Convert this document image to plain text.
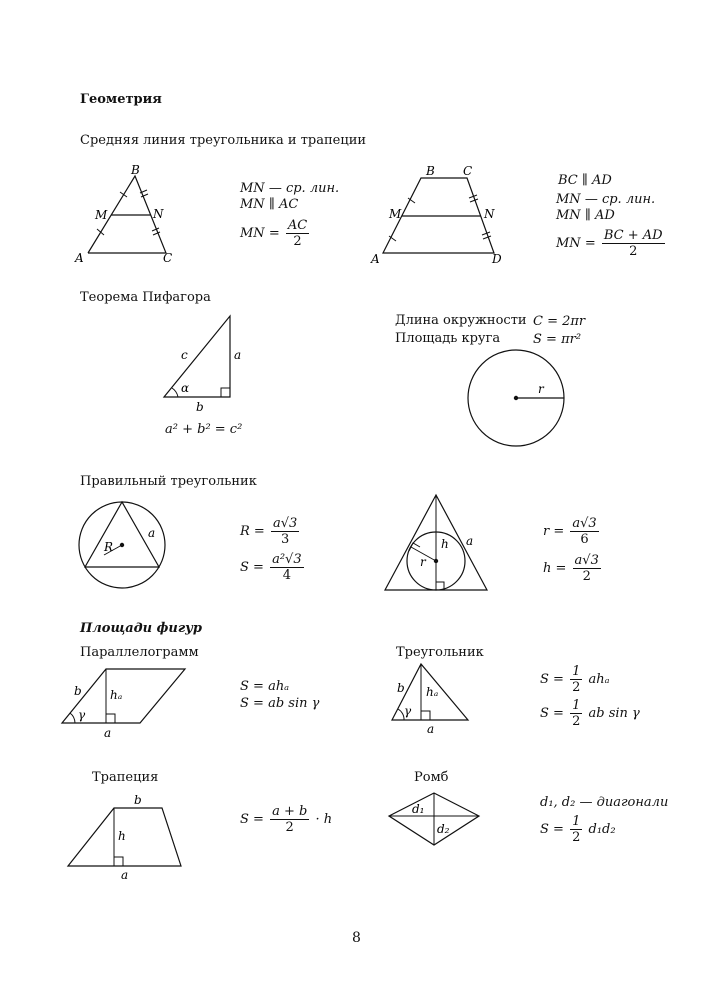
Геометрия
Средняя линия треугольника и трапеции
B
M	N
A	C
B C
M	N
A	D
c	a
b
α	r
R
a
h
r
a
b hₐ
γ
a
b hₐ
γ
a
b
h
a
d₁
d₂
MN — ср. лин.
MN ∥ AC
MN = $\frac{AC}{2}$
BC ∥ AD
MN — ср. лин.
MN ∥ AD
MN = $\frac{BC + AD}{2}$
Теорема Пифагора
a² + b² = c²
Длина окружности C = 2πr
Площадь круга	S = πr²
Правильный треугольник
$R = \frac{a√3}{3}$
$S = \frac{\text{a²√3}}{4}$
$r = \frac{a√3}{6}$
$h = \frac{a√3}{2}$
Площади фигур
Параллелограмм
S = ahₐ
S = ab sin γ
Треугольник
$S = \frac{1}{2}$ ahₐ
$S = \frac{1}{2}$ ab sin γ
Трапеция
$S = \frac{a + b}{2} \cdot h$
Ромб
d₁, d₂ — диагонали
$S = \frac{1}{2} d_1d_2$
8
